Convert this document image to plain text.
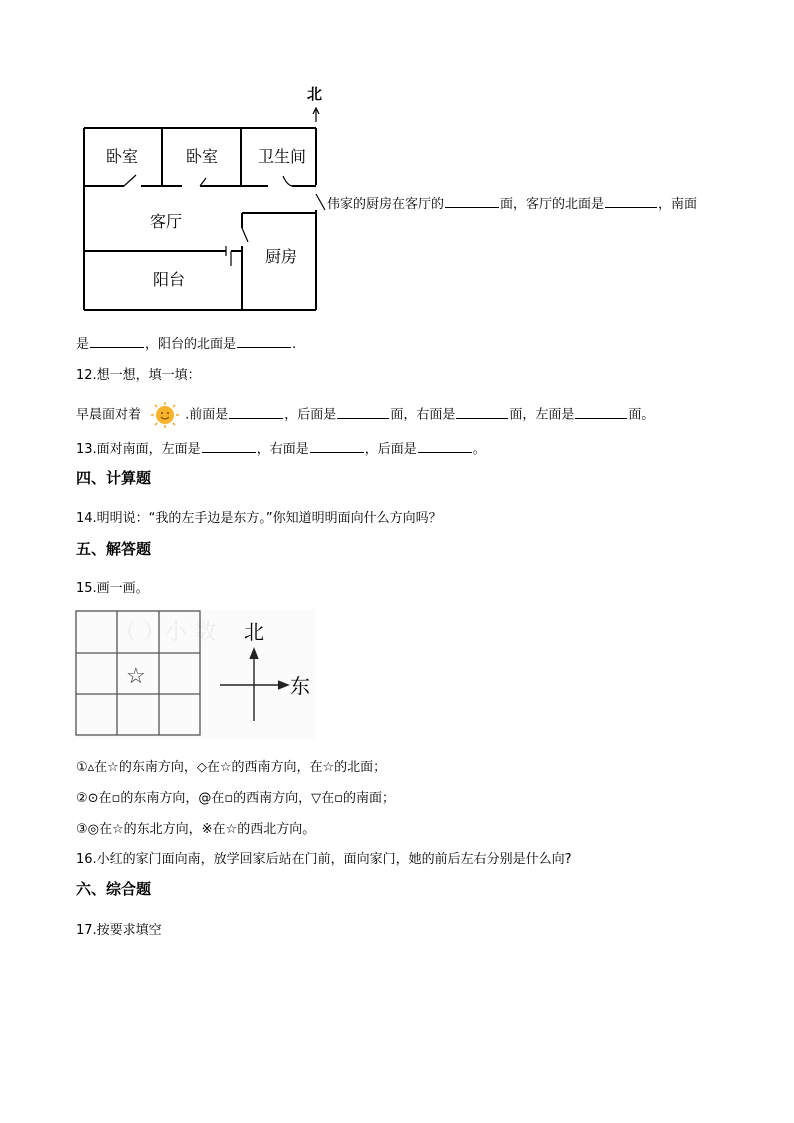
北
卧室	卧室 卫生间
客厅
厨房
阳台
伟家的厨房在客厅的	面，客厅的北面是	，南面
是	，阳台的北面是	.
12.想一想，填一填：
早晨面对着	.前面是	，后面是	面，右面是	面，左面是	面。
13.面对南面，左面是	，右面是	，后面是	。
四、计算题
14.明明说：“我的左手边是东方。”你知道明明面向什么方向吗？
五、解答题
15.画一画。
（ ）小 数
☆
北
东
①▵在☆的东南方向，◇在☆的西南方向，在☆的北面；
②⊙在▫的东南方向，@在▫的西南方向，▽在▫的南面；
③◎在☆的东北方向，※在☆的西北方向。
16.小红的家门面向南，放学回家后站在门前，面向家门，她的前后左右分别是什么向?
六、综合题
17.按要求填空
